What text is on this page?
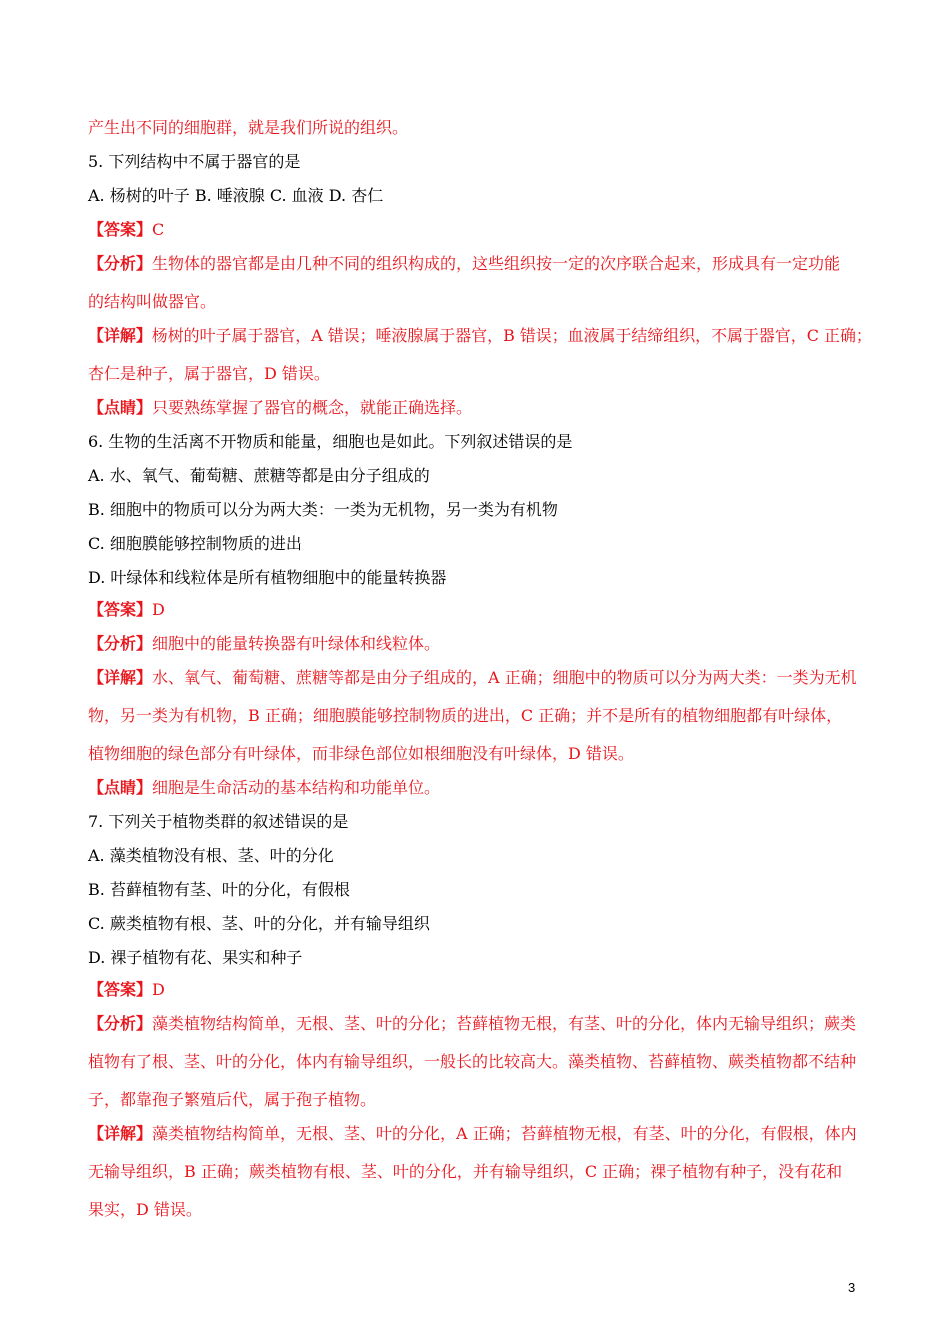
产生出不同的细胞群，就是我们所说的组织。
5. 下列结构中不属于器官的是
A. 杨树的叶子 B. 唾液腺 C. 血液 D. 杏仁
【答案】C
【分析】生物体的器官都是由几种不同的组织构成的，这些组织按一定的次序联合起来，形成具有一定功能
的结构叫做器官。
【详解】杨树的叶子属于器官，A 错误；唾液腺属于器官，B 错误；血液属于结缔组织，不属于器官，C 正确；
杏仁是种子，属于器官，D 错误。
【点睛】只要熟练掌握了器官的概念，就能正确选择。
6. 生物的生活离不开物质和能量，细胞也是如此。下列叙述错误的是
A. 水、氧气、葡萄糖、蔗糖等都是由分子组成的
B. 细胞中的物质可以分为两大类：一类为无机物，另一类为有机物
C. 细胞膜能够控制物质的进出
D. 叶绿体和线粒体是所有植物细胞中的能量转换器
【答案】D
【分析】细胞中的能量转换器有叶绿体和线粒体。
【详解】水、氧气、葡萄糖、蔗糖等都是由分子组成的，A 正确；细胞中的物质可以分为两大类：一类为无机
物，另一类为有机物，B 正确；细胞膜能够控制物质的进出，C 正确；并不是所有的植物细胞都有叶绿体，
植物细胞的绿色部分有叶绿体，而非绿色部位如根细胞没有叶绿体，D 错误。
【点睛】细胞是生命活动的基本结构和功能单位。
7. 下列关于植物类群的叙述错误的是
A. 藻类植物没有根、茎、叶的分化
B. 苔藓植物有茎、叶的分化，有假根
C. 蕨类植物有根、茎、叶的分化，并有输导组织
D. 裸子植物有花、果实和种子
【答案】D
【分析】藻类植物结构简单，无根、茎、叶的分化；苔藓植物无根，有茎、叶的分化，体内无输导组织；蕨类
植物有了根、茎、叶的分化，体内有输导组织，一般长的比较高大。藻类植物、苔藓植物、蕨类植物都不结种
子，都靠孢子繁殖后代，属于孢子植物。
【详解】藻类植物结构简单，无根、茎、叶的分化，A 正确；苔藓植物无根，有茎、叶的分化，有假根，体内
无输导组织，B 正确；蕨类植物有根、茎、叶的分化，并有输导组织，C 正确；裸子植物有种子，没有花和
果实，D 错误。
3
